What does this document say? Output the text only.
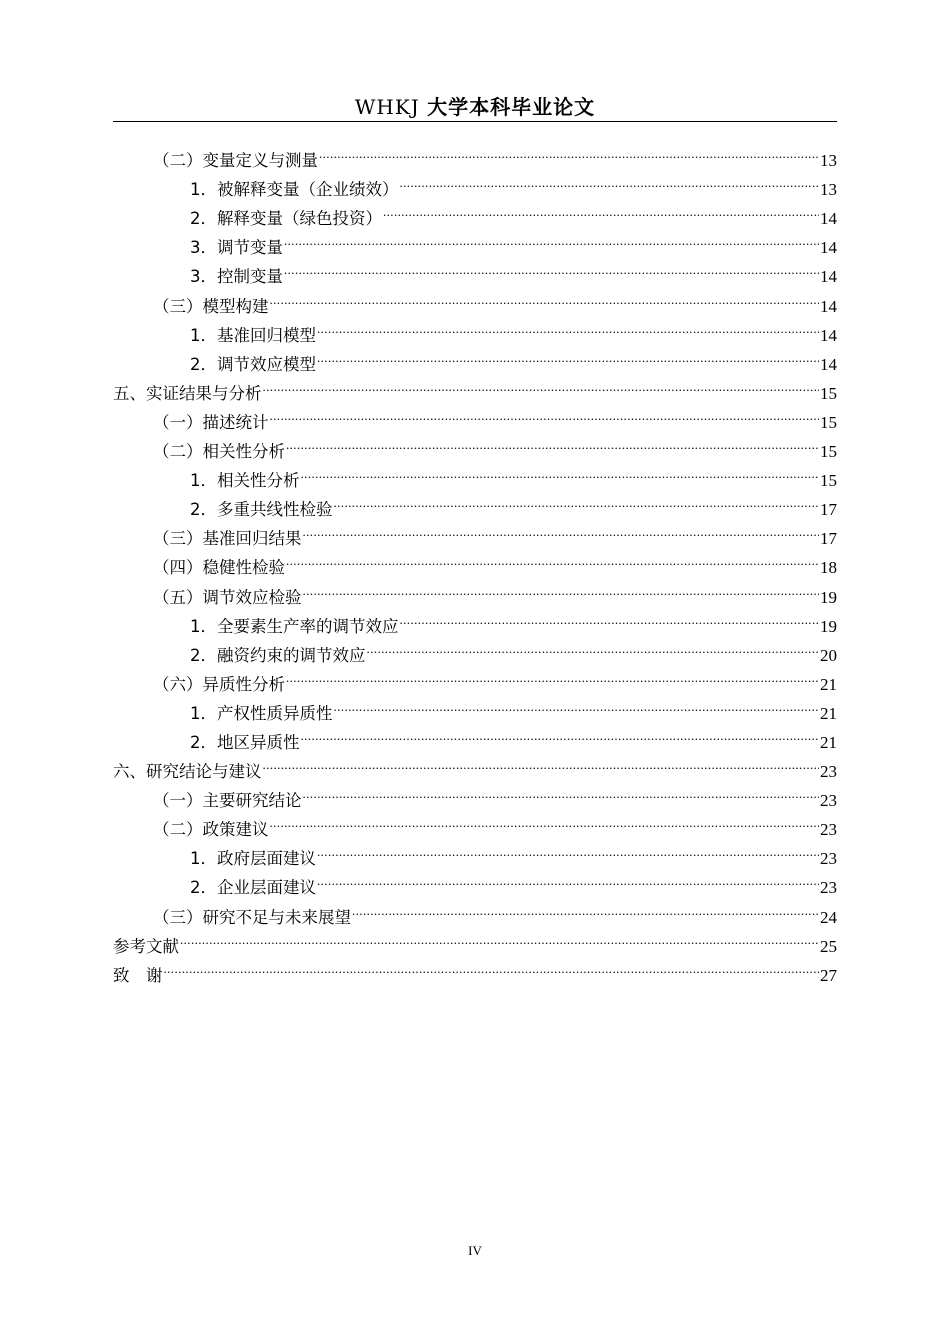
WHKJ 大学本科毕业论文
（二）变量定义与测量 .....	13
1．被解释变量（企业绩效） .....	13
2．解释变量（绿色投资） .....	14
3．调节变量 .....	14
3．控制变量 .....	14
（三）模型构建 .....	14
1．基准回归模型 .....	14
2．调节效应模型 .....	14
五、实证结果与分析 .....	15
（一）描述统计 .....	15
（二）相关性分析 .....	15
1．相关性分析 .....	15
2．多重共线性检验 .....	17
（三）基准回归结果 .....	17
（四）稳健性检验 .....	18
（五）调节效应检验 .....	19
1．全要素生产率的调节效应 .....	19
2．融资约束的调节效应 .....	20
（六）异质性分析 .....	21
1．产权性质异质性 .....	21
2．地区异质性 .....	21
六、研究结论与建议 .....	23
（一）主要研究结论 .....	23
（二）政策建议 .....	23
1．政府层面建议 .....	23
2．企业层面建议 .....	23
（三）研究不足与未来展望 .....	24
参考文献 .....	25
致　谢 .....	27
IV
